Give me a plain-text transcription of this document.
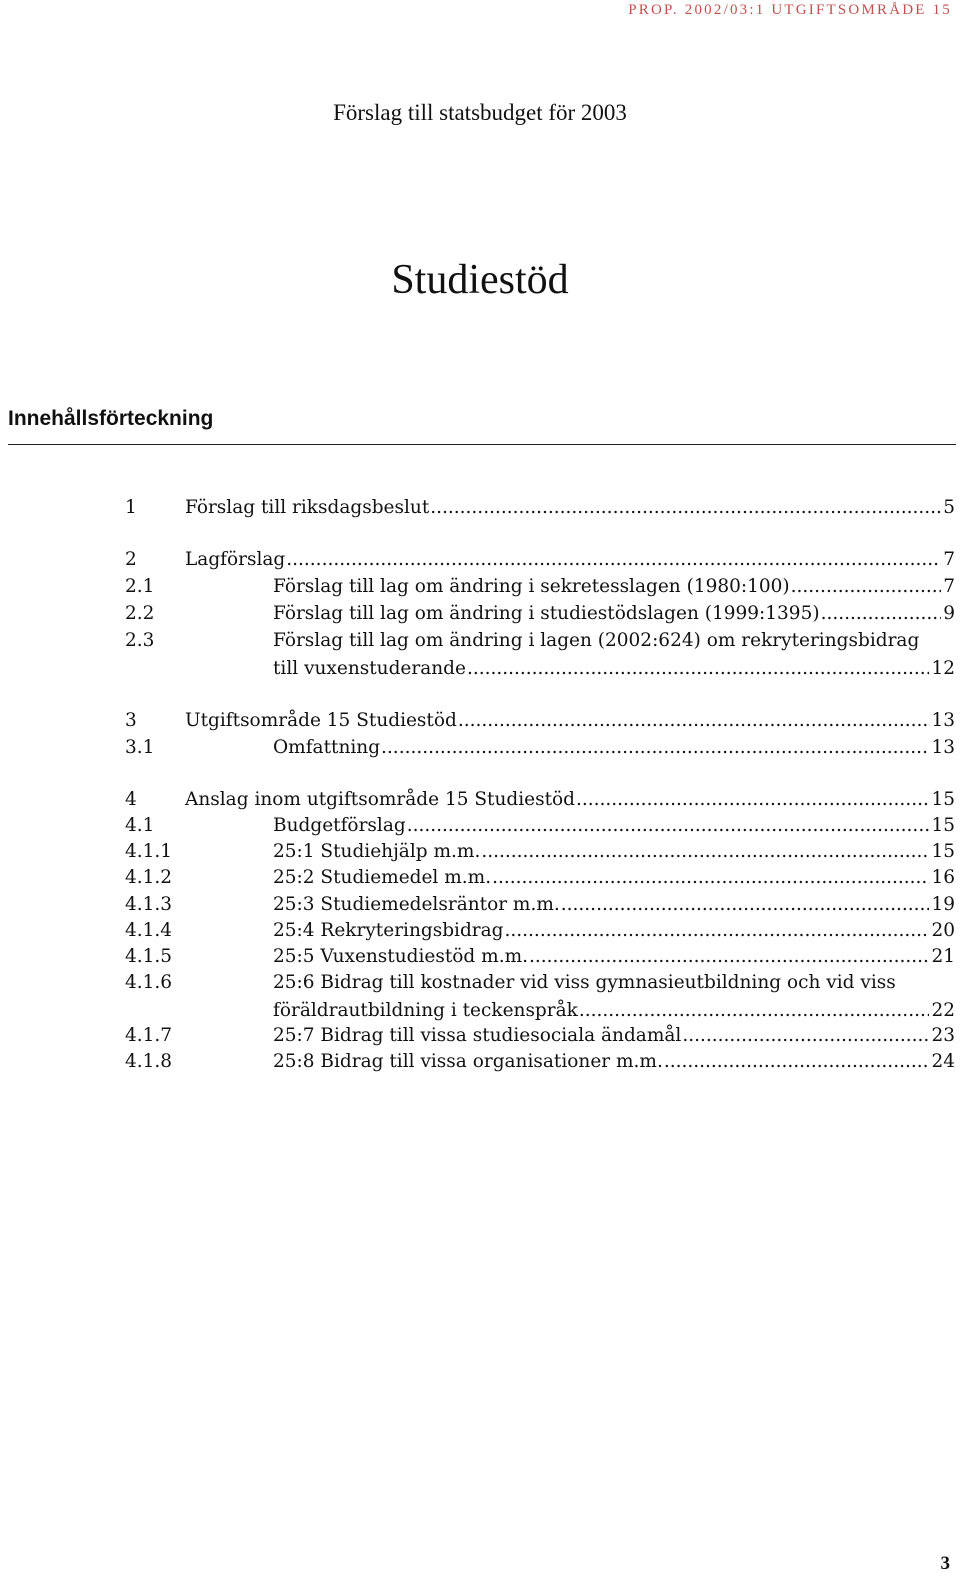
PROP. 2002/03:1 UTGIFTSOMRÅDE 15
Förslag till statsbudget för 2003
Studiestöd
Innehållsförteckning
1	Förslag till riksdagsbeslut .....	5
2	Lagförslag .....	7
2.1	Förslag till lag om ändring i sekretesslagen (1980:100) .....	7
2.2	Förslag till lag om ändring i studiestödslagen (1999:1395) .....	9
2.3	Förslag till lag om ändring i lagen (2002:624) om rekryteringsbidrag
till vuxenstuderande .....	12
3	Utgiftsområde 15 Studiestöd .....	13
3.1	Omfattning .....	13
4	Anslag inom utgiftsområde 15 Studiestöd .....	15
4.1	Budgetförslag .....	15
4.1.1	25:1 Studiehjälp m.m. .....	15
4.1.2	25:2 Studiemedel m.m. .....	16
4.1.3	25:3 Studiemedelsräntor m.m. .....	19
4.1.4	25:4 Rekryteringsbidrag .....	20
4.1.5	25:5 Vuxenstudiestöd m.m. .....	21
4.1.6	25:6 Bidrag till kostnader vid viss gymnasieutbildning och vid viss
föräldrautbildning i teckenspråk .....	22
4.1.7	25:7 Bidrag till vissa studiesociala ändamål .....	23
4.1.8	25:8 Bidrag till vissa organisationer m.m. .....	24
3
